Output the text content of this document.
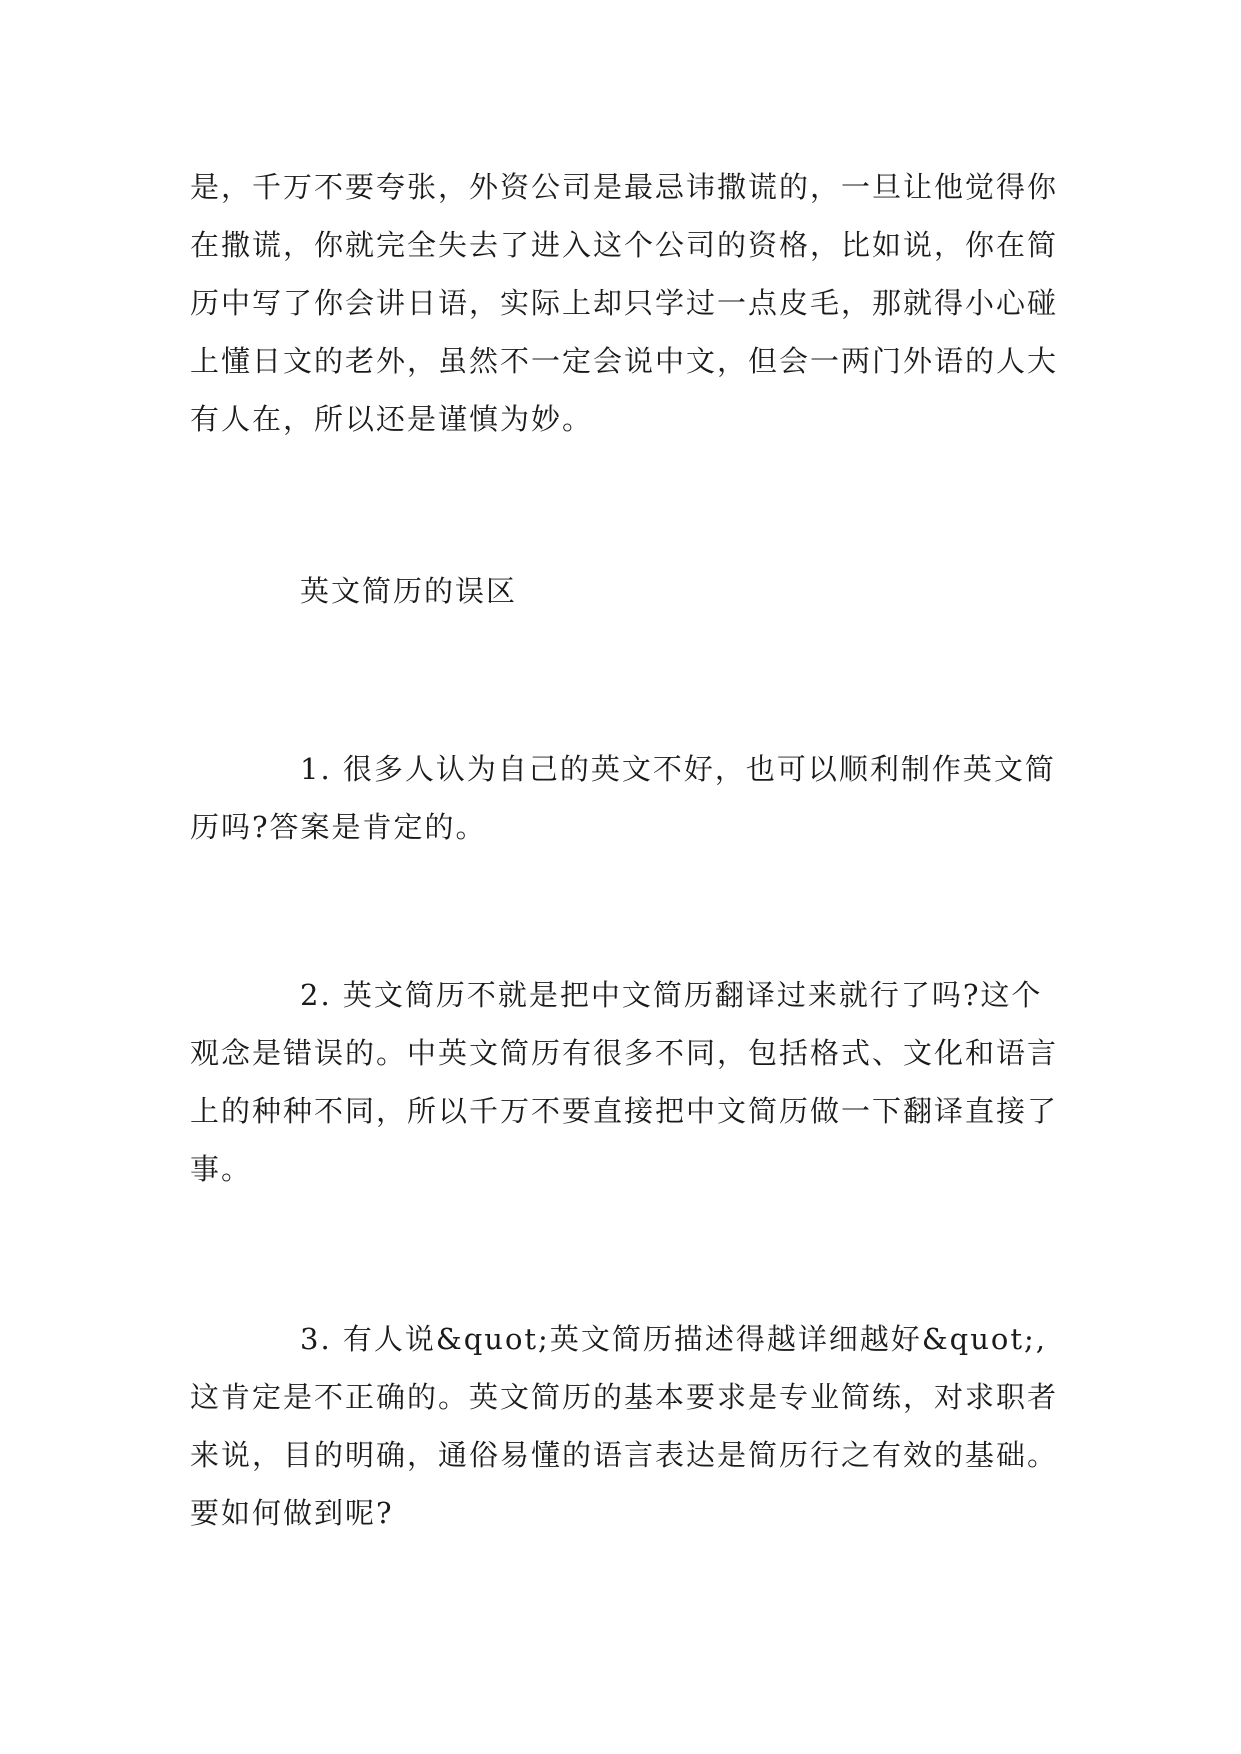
是，千万不要夸张，外资公司是最忌讳撒谎的，一旦让他觉得你在撒谎，你就完全失去了进入这个公司的资格，比如说，你在简历中写了你会讲日语，实际上却只学过一点皮毛，那就得小心碰上懂日文的老外，虽然不一定会说中文，但会一两门外语的人大有人在，所以还是谨慎为妙。

英文简历的误区

1. 很多人认为自己的英文不好，也可以顺利制作英文简历吗?答案是肯定的。

2. 英文简历不就是把中文简历翻译过来就行了吗?这个观念是错误的。中英文简历有很多不同，包括格式、文化和语言上的种种不同，所以千万不要直接把中文简历做一下翻译直接了事。

3. 有人说&quot;英文简历描述得越详细越好&quot;,这肯定是不正确的。英文简历的基本要求是专业简练，对求职者来说，目的明确，通俗易懂的语言表达是简历行之有效的基础。要如何做到呢?
